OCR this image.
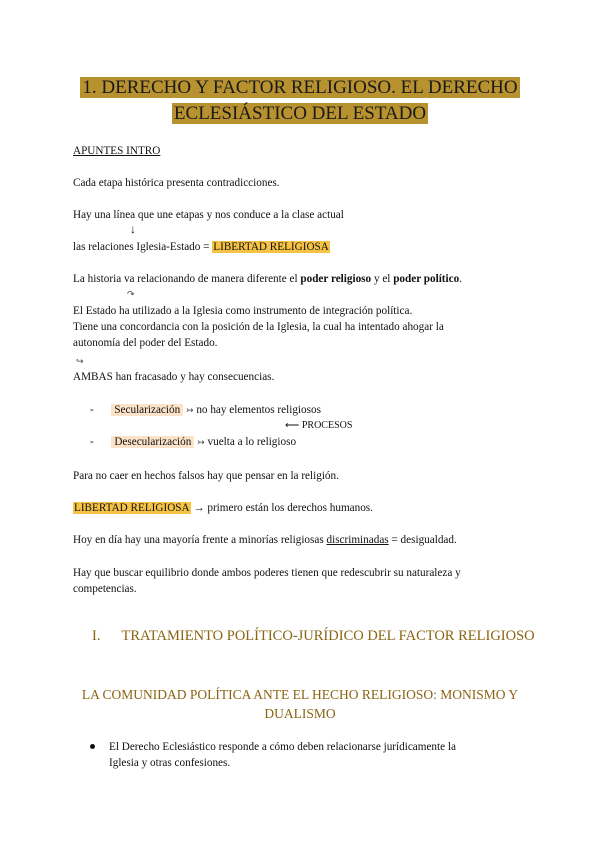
1. DERECHO Y FACTOR RELIGIOSO. EL DERECHO
ECLESIÁSTICO DEL ESTADO
APUNTES INTRO
Cada etapa histórica presenta contradicciones.
Hay una línea que une etapas y nos conduce a la clase actual
↓
las relaciones Iglesia-Estado = LIBERTAD RELIGIOSA
La historia va relacionando de manera diferente el poder religioso y el poder político.
↷
El Estado ha utilizado a la Iglesia como instrumento de integración política.
Tiene una concordancia con la posición de la Iglesia, la cual ha intentado ahogar la
autonomía del poder del Estado.
↪
AMBAS han fracasado y hay consecuencias.
- Secularización ↣ no hay elementos religiosos
⟵ PROCESOS
- Desecularización ↣ vuelta a lo religioso
Para no caer en hechos falsos hay que pensar en la religión.
LIBERTAD RELIGIOSA → primero están los derechos humanos.
Hoy en día hay una mayoría frente a minorías religiosas discriminadas = desigualdad.
Hay que buscar equilibrio donde ambos poderes tienen que redescubrir su naturaleza y
competencias.
I. TRATAMIENTO POLÍTICO-JURÍDICO DEL FACTOR RELIGIOSO
LA COMUNIDAD POLÍTICA ANTE EL HECHO RELIGIOSO: MONISMO Y
DUALISMO
El Derecho Eclesiástico responde a cómo deben relacionarse jurídicamente la
Iglesia y otras confesiones.
